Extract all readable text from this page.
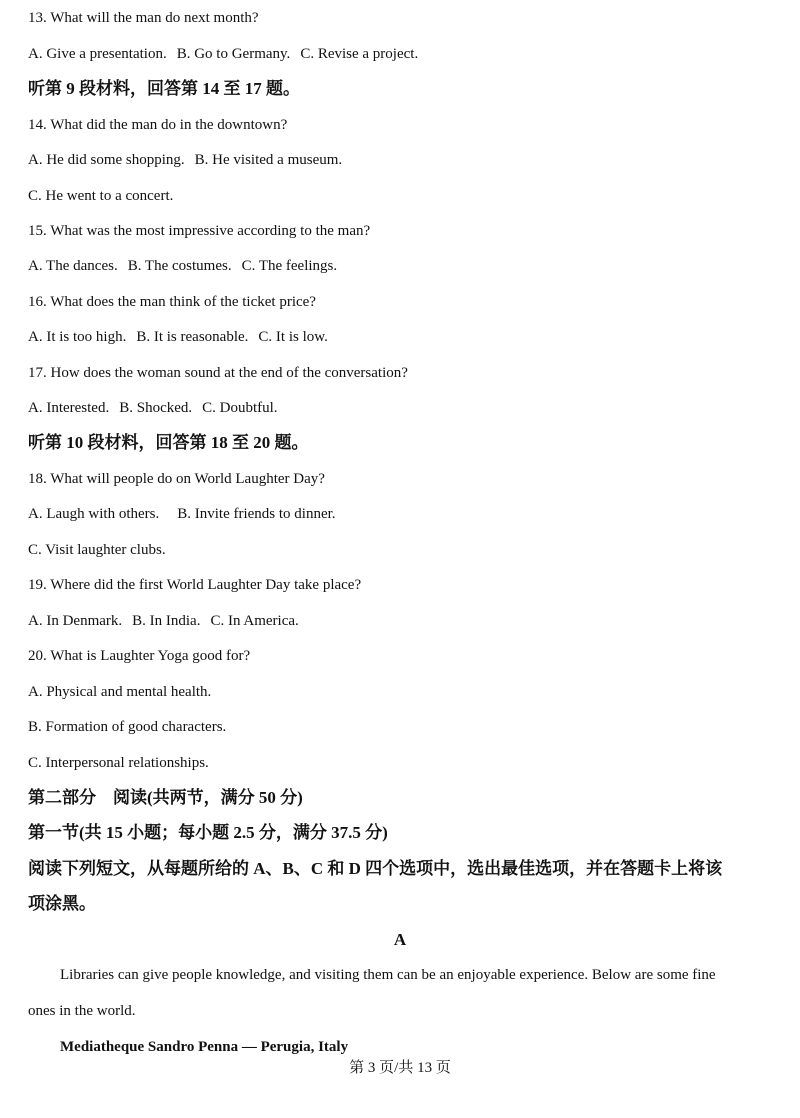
13. What will the man do next month?
A. Give a presentation. B. Go to Germany. C. Revise a project.
听第 9 段材料，回答第 14 至 17 题。
14. What did the man do in the downtown?
A. He did some shopping. B. He visited a museum.
C. He went to a concert.
15. What was the most impressive according to the man?
A. The dances. B. The costumes. C. The feelings.
16. What does the man think of the ticket price?
A. It is too high. B. It is reasonable. C. It is low.
17. How does the woman sound at the end of the conversation?
A. Interested. B. Shocked. C. Doubtful.
听第 10 段材料，回答第 18 至 20 题。
18. What will people do on World Laughter Day?
A. Laugh with others. B. Invite friends to dinner.
C. Visit laughter clubs.
19. Where did the first World Laughter Day take place?
A. In Denmark. B. In India. C. In America.
20. What is Laughter Yoga good for?
A. Physical and mental health.
B. Formation of good characters.
C. Interpersonal relationships.
第二部分　阅读(共两节，满分 50 分)
第一节(共 15 小题；每小题 2.5 分，满分 37.5 分)
阅读下列短文，从每题所给的 A、B、C 和 D 四个选项中，选出最佳选项，并在答题卡上将该
项涂黑。
A
Libraries can give people knowledge, and visiting them can be an enjoyable experience. Below are some fine
ones in the world.
Mediatheque Sandro Penna — Perugia, Italy
第 3 页/共 13 页
